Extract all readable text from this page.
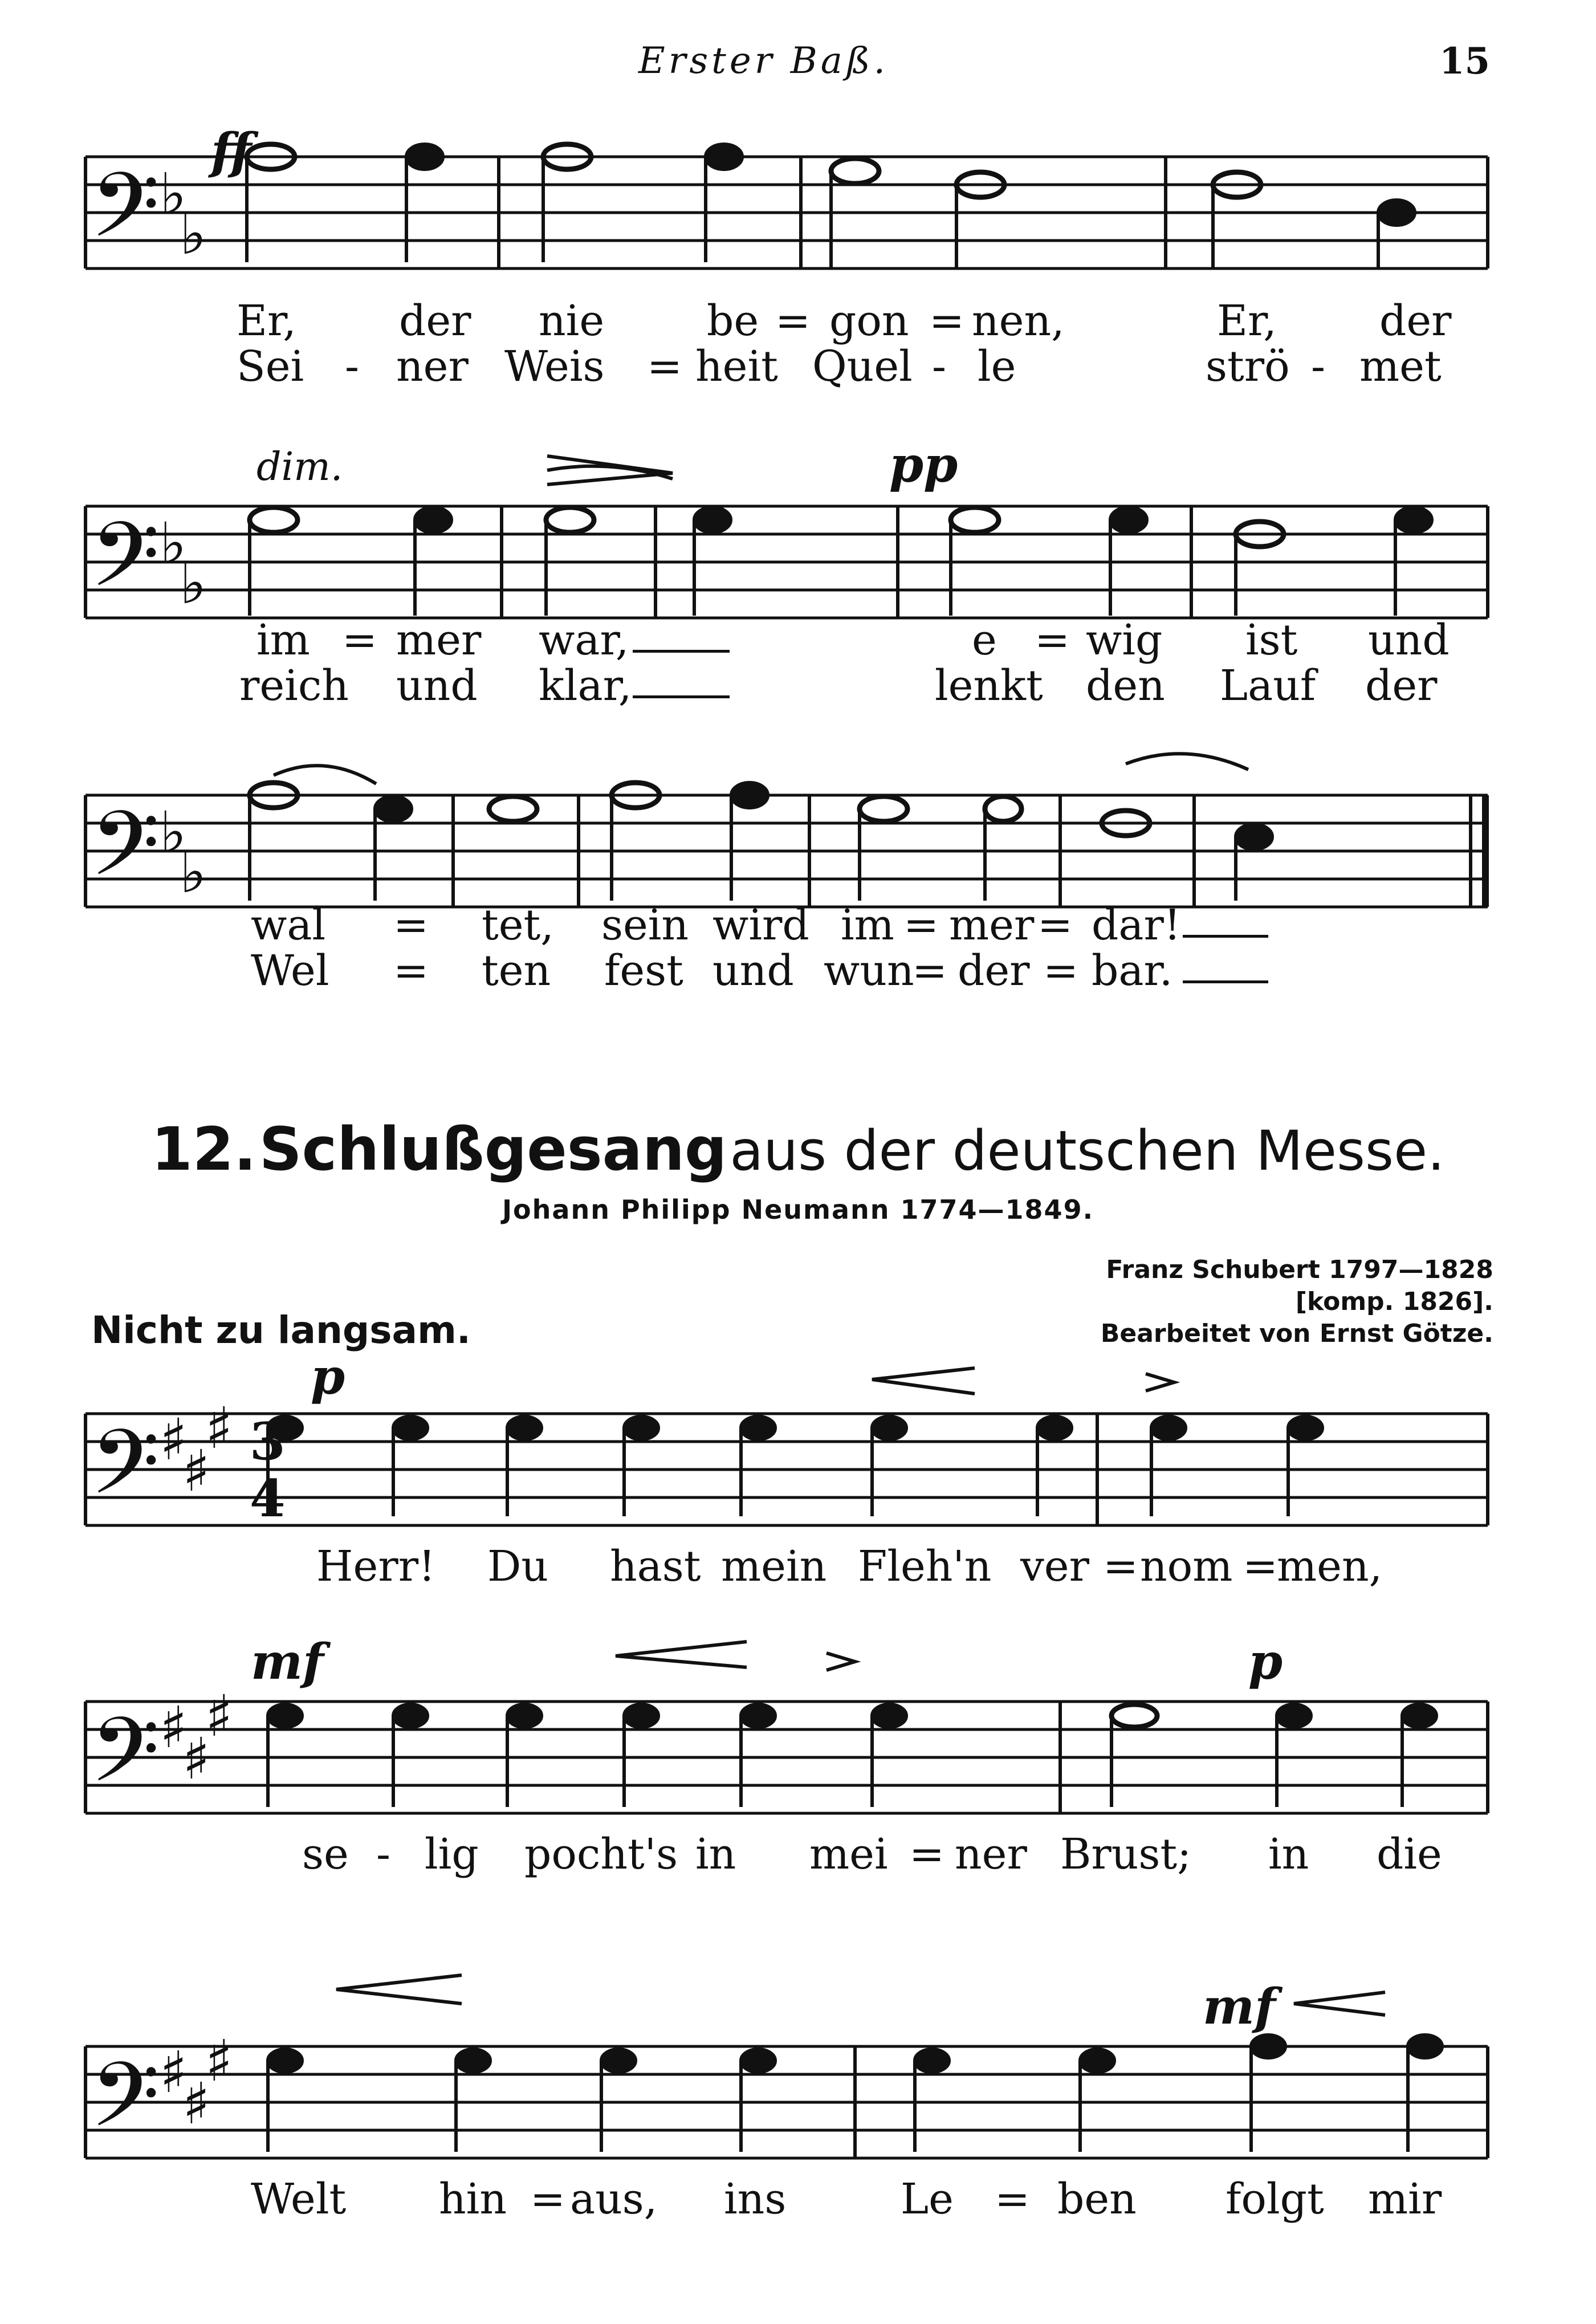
Erster Baß.	15
𝄢
𝄢
𝄢
𝄢
𝄢
𝄢
♭
♭
♭
♭
♭
♭
♯
♯
♯
♯
♯
♯
♯
♯
♯
3
4
ff
Er, der nie be = gon = nen,	Er, der
Sei - ner Weis = heit Quel - le	strö - met
dim.	pp
im = mer war,	e = wig ist und
reich und klar,	lenkt den Lauf der
wal = tet, sein wird im = mer = dar!
Wel = ten fest und wun
= der = bar.
12. Schlußgesang aus der deutschen Messe.
Johann Philipp Neumann 1774—1849.
Franz Schubert 1797—1828
[komp. 1826].
Bearbeitet von Ernst Götze.
Nicht zu langsam.
p
mf	p
mf
Herr! Du hast mein Fleh'n ver = nom =
men,
se - lig pocht's in mei = ner Brust; in die
Welt hin = aus, ins	Le = ben folgt mir
